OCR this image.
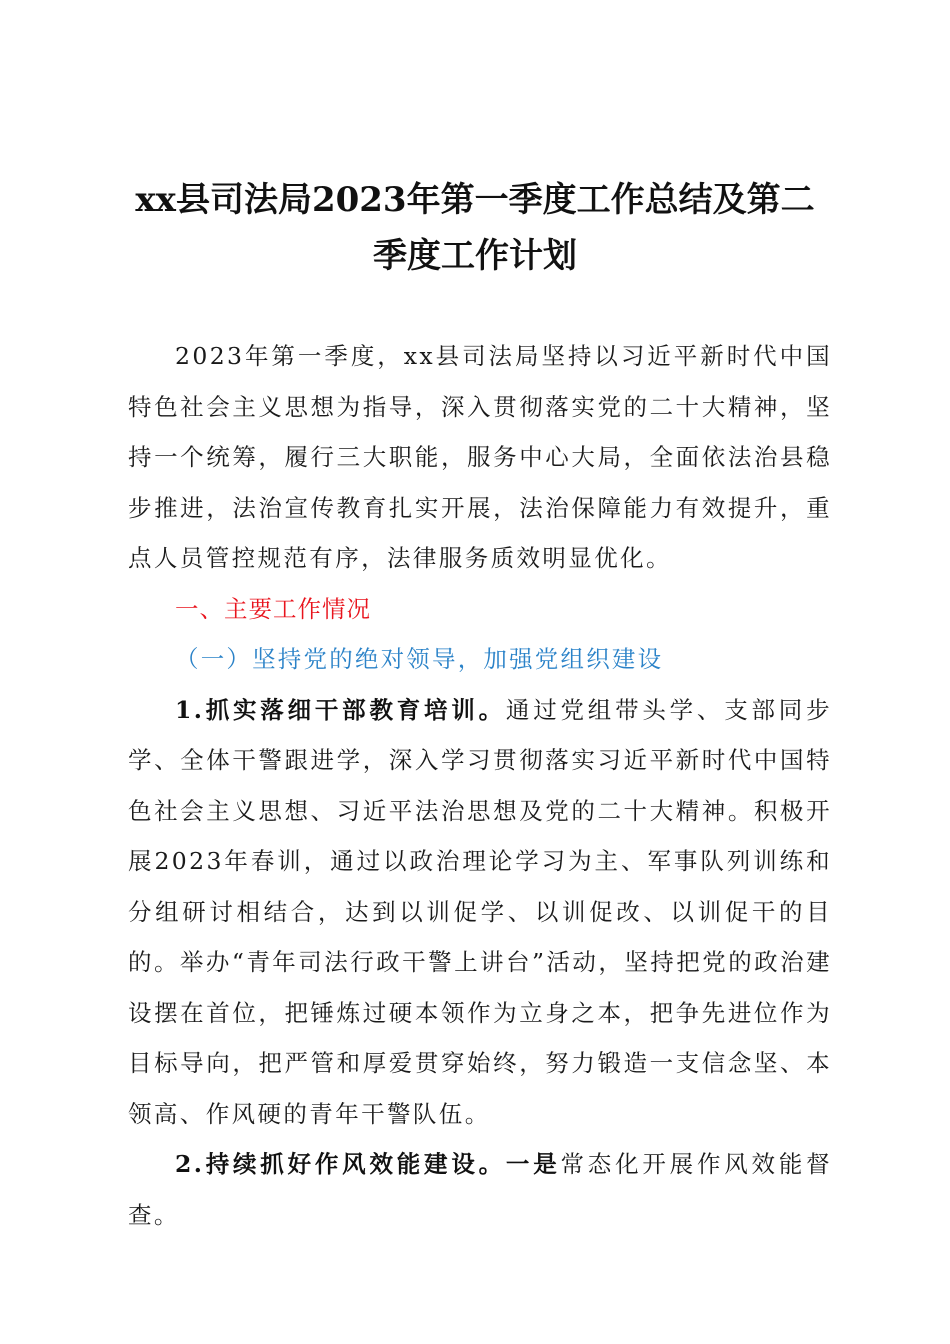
xx县司法局2023年第一季度工作总结及第二
季度工作计划

2023年第一季度，xx县司法局坚持以习近平新时代中国特色社会主义思想为指导，深入贯彻落实党的二十大精神，坚持一个统筹，履行三大职能，服务中心大局，全面依法治县稳步推进，法治宣传教育扎实开展，法治保障能力有效提升，重点人员管控规范有序，法律服务质效明显优化。

一、主要工作情况

（一）坚持党的绝对领导，加强党组织建设

1.抓实落细干部教育培训。通过党组带头学、支部同步学、全体干警跟进学，深入学习贯彻落实习近平新时代中国特色社会主义思想、习近平法治思想及党的二十大精神。积极开展2023年春训，通过以政治理论学习为主、军事队列训练和分组研讨相结合，达到以训促学、以训促改、以训促干的目的。举办“青年司法行政干警上讲台”活动，坚持把党的政治建设摆在首位，把锤炼过硬本领作为立身之本，把争先进位作为目标导向，把严管和厚爱贯穿始终，努力锻造一支信念坚、本领高、作风硬的青年干警队伍。

2.持续抓好作风效能建设。一是常态化开展作风效能督查。
